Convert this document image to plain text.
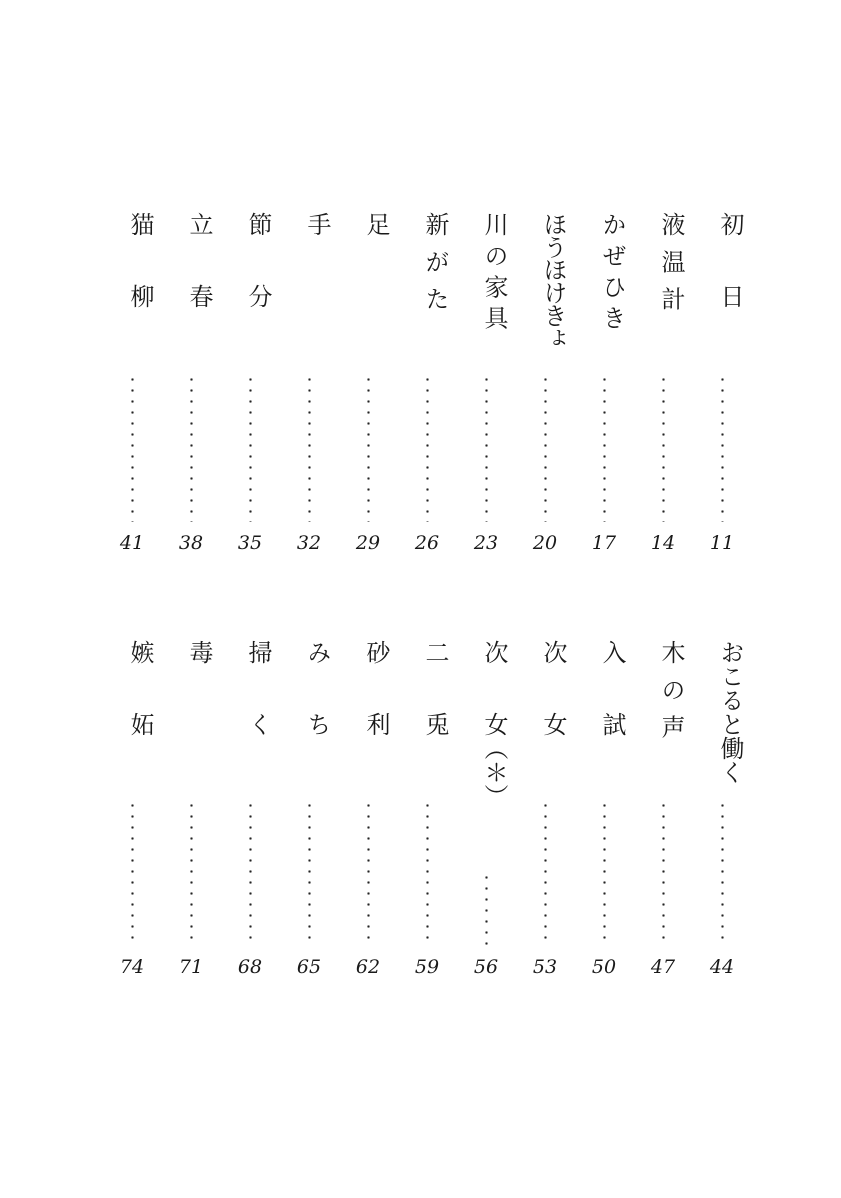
初　　日
11
液温計
14
かぜひき
17
ほうほけきょ
20
川の家具
23
新がた
26
足
29
手
32
節　　分
35
立　　春
38
猫　　柳
41
おこると働く
44
木の声
47
入　　試
50
次　　女
53
次　　女（＊）
56
二　　兎
59
砂　　利
62
み　　ち
65
掃　　く
68
毒
71
嫉　　妬
74
